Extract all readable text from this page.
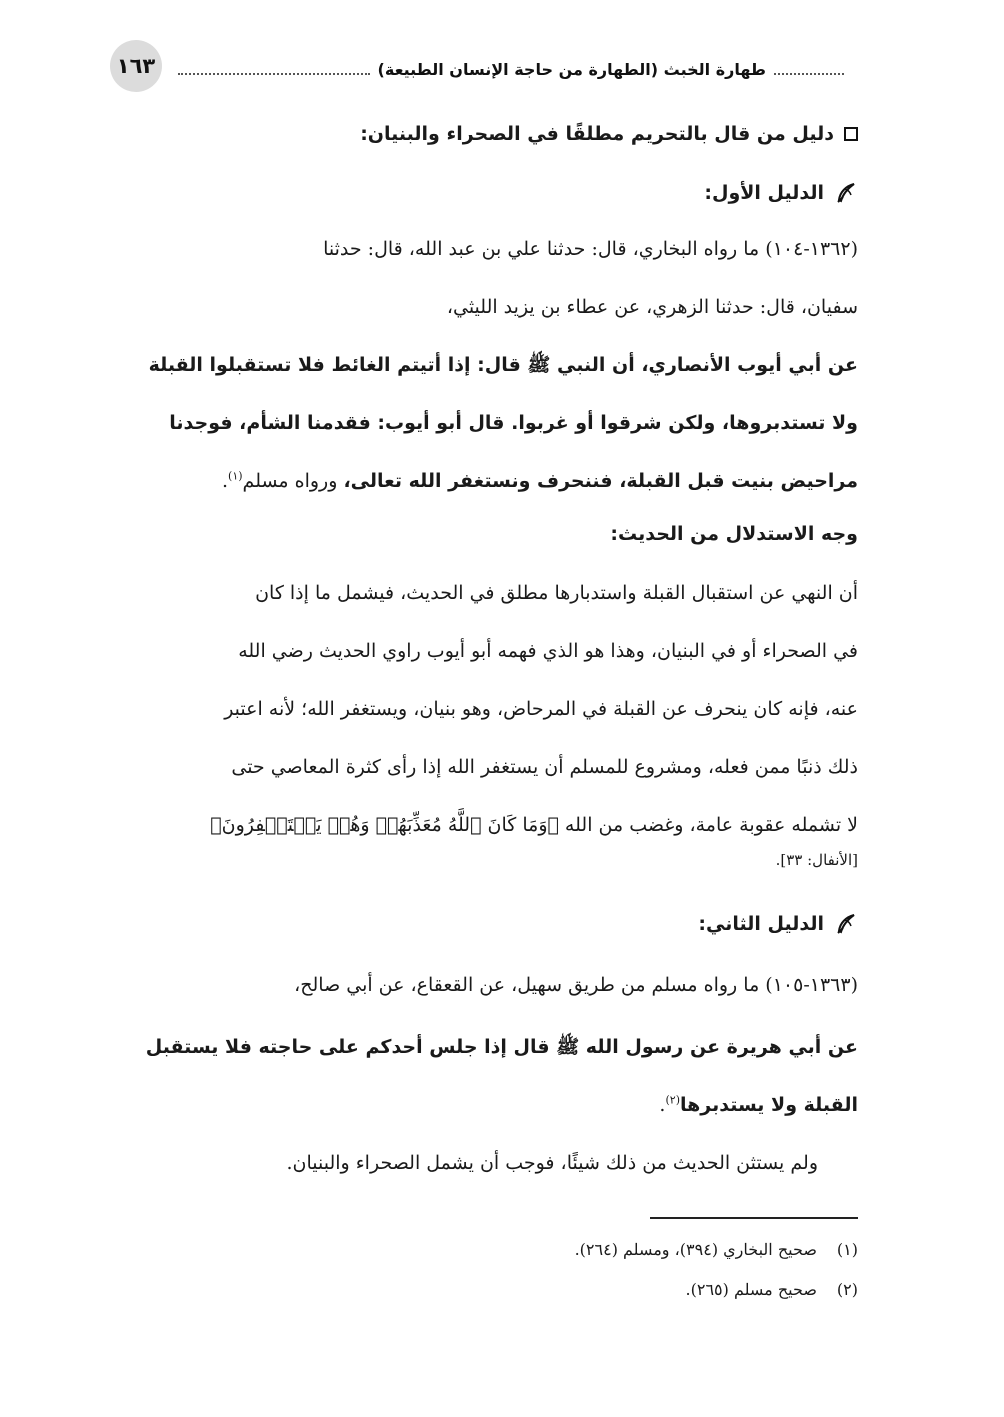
١٦٣	طهارة الخبث (الطهارة من حاجة الإنسان الطبيعة)
دليل من قال بالتحريم مطلقًا في الصحراء والبنيان:
الدليل الأول:
(١٣٦٢-١٠٤) ما رواه البخاري، قال: حدثنا علي بن عبد الله، قال: حدثنا
سفيان، قال: حدثنا الزهري، عن عطاء بن يزيد الليثي،
عن أبي أيوب الأنصاري، أن النبي ﷺ قال: إذا أتيتم الغائط فلا تستقبلوا القبلة
ولا تستدبروها، ولكن شرقوا أو غربوا. قال أبو أيوب: فقدمنا الشأم، فوجدنا
مراحيض بنيت قبل القبلة، فننحرف ونستغفر الله تعالى، ورواه مسلم$^{(١)}$.
وجه الاستدلال من الحديث:
أن النهي عن استقبال القبلة واستدبارها مطلق في الحديث، فيشمل ما إذا كان
في الصحراء أو في البنيان، وهذا هو الذي فهمه أبو أيوب راوي الحديث رضي الله
عنه، فإنه كان ينحرف عن القبلة في المرحاض، وهو بنيان، ويستغفر الله؛ لأنه اعتبر
ذلك ذنبًا ممن فعله، ومشروع للمسلم أن يستغفر الله إذا رأى كثرة المعاصي حتى
لا تشمله عقوبة عامة، وغضب من الله ﴿وَمَا كَانَ ٱللَّهُ مُعَذِّبَهُمۡ وَهُمۡ يَسۡتَغۡفِرُونَ﴾
[الأنفال: ٣٣].
الدليل الثاني:
(١٣٦٣-١٠٥) ما رواه مسلم من طريق سهيل، عن القعقاع، عن أبي صالح،
عن أبي هريرة عن رسول الله ﷺ قال إذا جلس أحدكم على حاجته فلا يستقبل
القبلة ولا يستدبرها$^{(٢)}$.
ولم يستثن الحديث من ذلك شيئًا، فوجب أن يشمل الصحراء والبنيان.
(١)صحيح البخاري (٣٩٤)، ومسلم (٢٦٤).
(٢)صحيح مسلم (٢٦٥).
